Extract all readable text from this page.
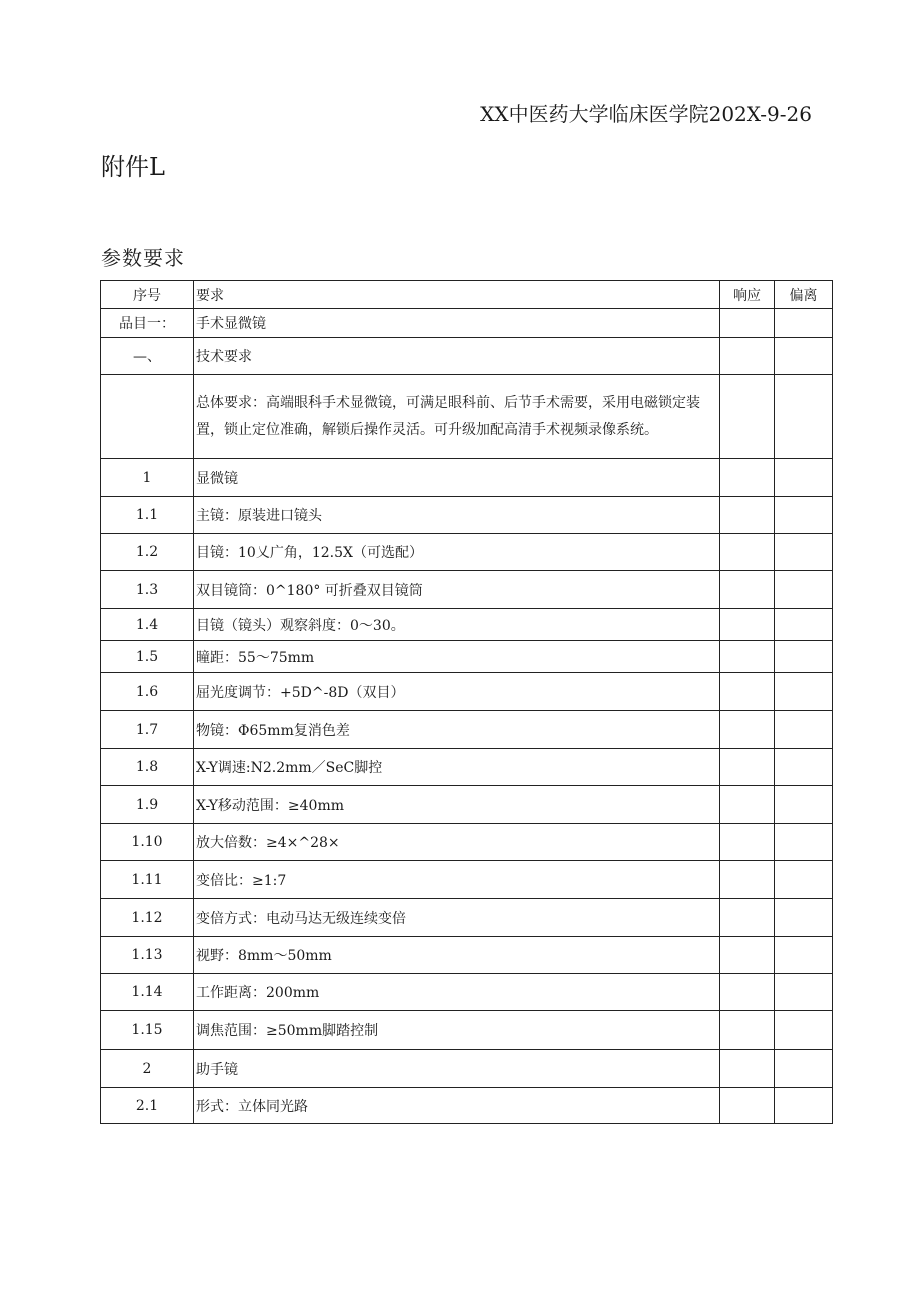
XX中医药大学临床医学院202X-9-26
附件L
参数要求
序号	要求	响应	偏离
品目一：	手术显微镜		
—、	技术要求		
	总体要求：高端眼科手术显微镜，可满足眼科前、后节手术需要，采用电磁锁定装置，锁止定位准确，解锁后操作灵活。可升级加配高清手术视频录像系统。		
1	显微镜		
1.1	主镜：原装进口镜头		
1.2	目镜：10乂广角，12.5X（可选配）		
1.3	双目镜筒：0^180° 可折叠双目镜筒		
1.4	目镜（镜头）观察斜度：0〜30。		
1.5	瞳距：55〜75mm		
1.6	屈光度调节：+5D^-8D（双目）		
1.7	物镜：Φ65mm复消色差		
1.8	X-Y调速:N2.2mm／SeC脚控		
1.9	X-Y移动范围：≥40mm		
1.10	放大倍数：≥4×^28×		
1.11	变倍比：≥1:7		
1.12	变倍方式：电动马达无级连续变倍		
1.13	视野：8mm〜50mm		
1.14	工作距离：200mm		
1.15	调焦范围：≥50mm脚踏控制		
2	助手镜		
2.1	形式：立体同光路		
